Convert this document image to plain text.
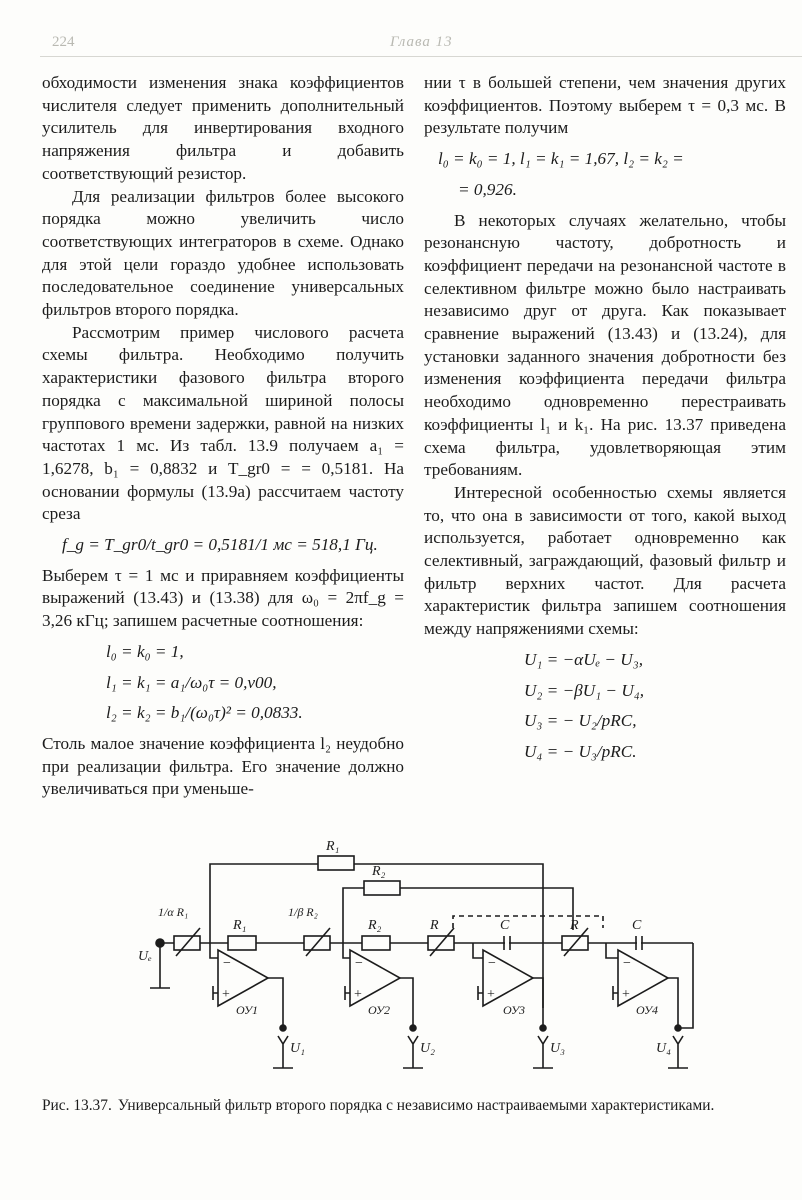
224	Глава 13

обходимости изменения знака коэффициентов числителя следует применить дополнительный усилитель для инвертирования входного напряжения фильтра и добавить соответствующий резистор.

Для реализации фильтров более высокого порядка можно увеличить число соответствующих интеграторов в схеме. Однако для этой цели гораздо удобнее использовать последовательное соединение универсальных фильтров второго порядка.

Рассмотрим пример числового расчета схемы фильтра. Необходимо получить характеристики фазового фильтра второго порядка с максимальной шириной полосы группового времени задержки, равной на низких частотах 1 мс. Из табл. 13.9 получаем a₁ = 1,6278, b₁ = 0,8832 и T_gr0 = = 0,5181. На основании формулы (13.9а) рассчитаем частоту среза

f_g = T_gr0/t_gr0 = 0,5181/1 мс = 518,1 Гц.

Выберем τ = 1 мс и приравняем коэффициенты выражений (13.43) и (13.38) для ω₀ = 2πf_g = 3,26 кГц; запишем расчетные соотношения:

l₀ = k₀ = 1,
l₁ = k₁ = a₁/ω₀τ = 0,v00,
l₂ = k₂ = b₁/(ω₀τ)² = 0,0833.

Столь малое значение коэффициента l₂ неудобно при реализации фильтра. Его значение должно увеличиваться при уменьше-

нии τ в большей степени, чем значения других коэффициентов. Поэтому выберем τ = 0,3 мс. В результате получим

l₀ = k₀ = 1, l₁ = k₁ = 1,67, l₂ = k₂ =
= 0,926.

В некоторых случаях желательно, чтобы резонансную частоту, добротность и коэффициент передачи на резонансной частоте в селективном фильтре можно было настраивать независимо друг от друга. Как показывает сравнение выражений (13.43) и (13.24), для установки заданного значения добротности без изменения коэффициента передачи фильтра необходимо одновременно перестраивать коэффициенты l₁ и k₁. На рис. 13.37 приведена схема фильтра, удовлетворяющая этим требованиям.

Интересной особенностью схемы является то, что она в зависимости от того, какой выход используется, работает одновременно как селективный, заграждающий, фазовый фильтр и фильтр верхних частот. Для расчета характеристик фильтра запишем соотношения между напряжениями схемы:

U₁ = −αUₑ − U₃,
U₂ = −βU₁ − U₄,
U₃ = − U₂/pRC,
U₄ = − U₃/pRC.
R₁
R₂
Uₑ
1/α R₁
R₁
1/β R₂
R₂	R	C	R	C
−
+
ОУ1
−
+
ОУ2
−
+
ОУ3
−
+
ОУ4
U₁	U₂	U₃	U₄
Рис. 13.37. Универсальный фильтр второго порядка с независимо настраиваемыми характеристиками.
